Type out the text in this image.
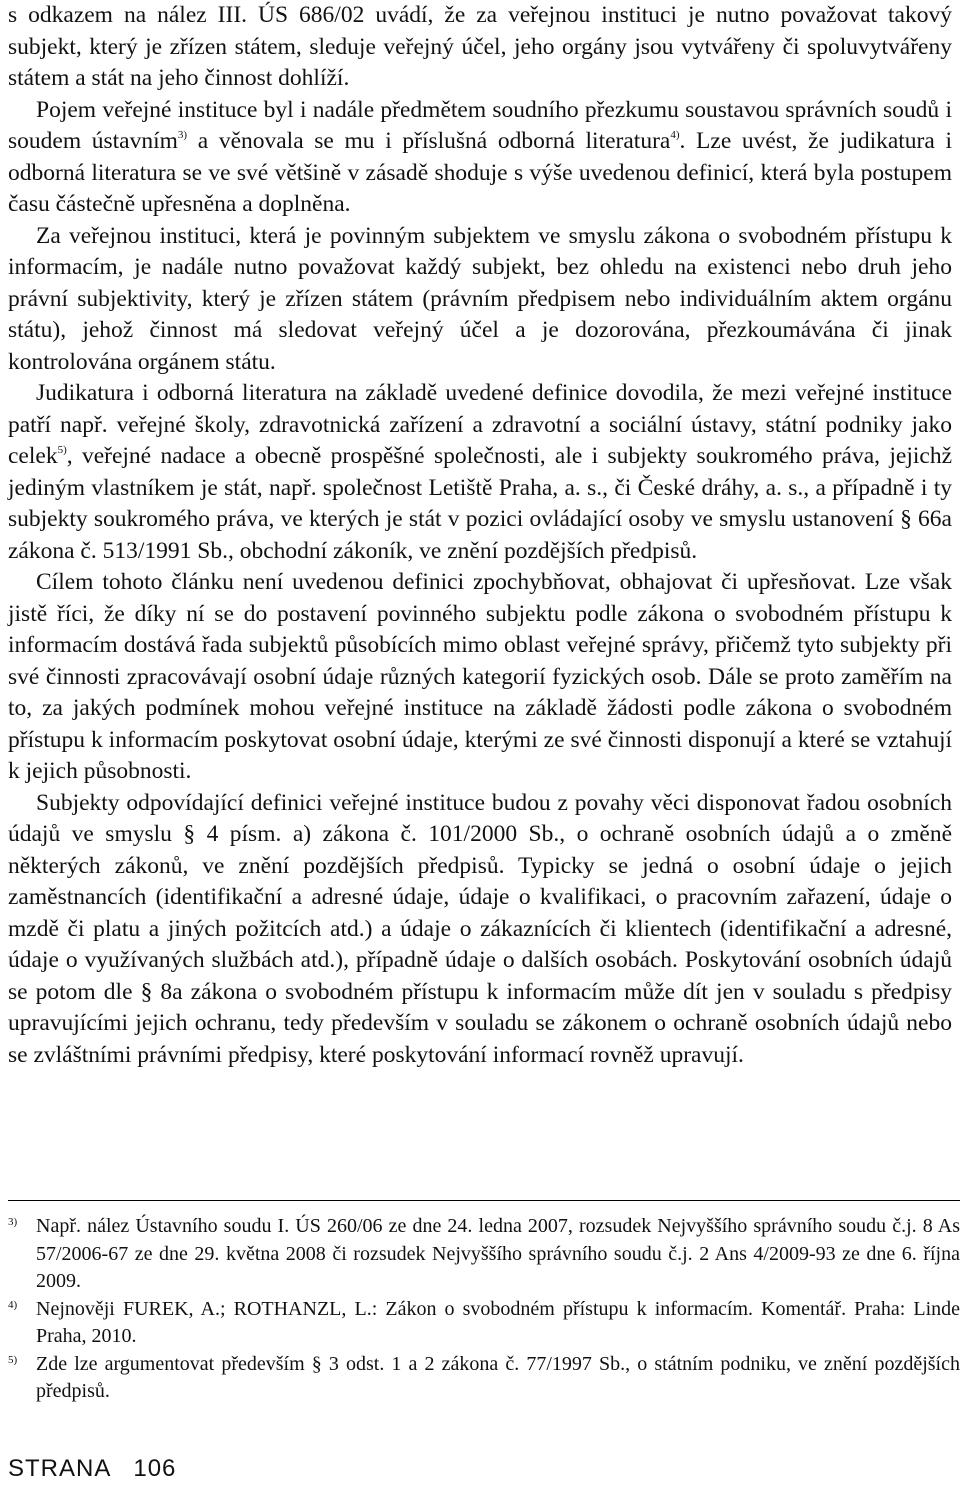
s odkazem na nález III. ÚS 686/02 uvádí, že za veřejnou instituci je nutno považovat takový subjekt, který je zřízen státem, sleduje veřejný účel, jeho orgány jsou vytvářeny či spoluvytvářeny státem a stát na jeho činnost dohlíží.

Pojem veřejné instituce byl i nadále předmětem soudního přezkumu soustavou správních soudů i soudem ústavním$^{3)}$ a věnovala se mu i příslušná odborná literatura$^{4)}$. Lze uvést, že judikatura i odborná literatura se ve své většině v zásadě shoduje s výše uvedenou definicí, která byla postupem času částečně upřesněna a doplněna.

Za veřejnou instituci, která je povinným subjektem ve smyslu zákona o svobodném přístupu k informacím, je nadále nutno považovat každý subjekt, bez ohledu na existenci nebo druh jeho právní subjektivity, který je zřízen státem (právním předpisem nebo individuálním aktem orgánu státu), jehož činnost má sledovat veřejný účel a je dozorována, přezkoumávána či jinak kontrolována orgánem státu.

Judikatura i odborná literatura na základě uvedené definice dovodila, že mezi veřejné instituce patří např. veřejné školy, zdravotnická zařízení a zdravotní a sociální ústavy, státní podniky jako celek$^{5)}$, veřejné nadace a obecně prospěšné společnosti, ale i subjekty soukromého práva, jejichž jediným vlastníkem je stát, např. společnost Letiště Praha, a. s., či České dráhy, a. s., a případně i ty subjekty soukromého práva, ve kterých je stát v pozici ovládající osoby ve smyslu ustanovení § 66a zákona č. 513/1991 Sb., obchodní zákoník, ve znění pozdějších předpisů.

Cílem tohoto článku není uvedenou definici zpochybňovat, obhajovat či upřesňovat. Lze však jistě říci, že díky ní se do postavení povinného subjektu podle zákona o svobodném přístupu k informacím dostává řada subjektů působících mimo oblast veřejné správy, přičemž tyto subjekty při své činnosti zpracovávají osobní údaje různých kategorií fyzických osob. Dále se proto zaměřím na to, za jakých podmínek mohou veřejné instituce na základě žádosti podle zákona o svobodném přístupu k informacím poskytovat osobní údaje, kterými ze své činnosti disponují a které se vztahují k jejich působnosti.

Subjekty odpovídající definici veřejné instituce budou z povahy věci disponovat řadou osobních údajů ve smyslu § 4 písm. a) zákona č. 101/2000 Sb., o ochraně osobních údajů a o změně některých zákonů, ve znění pozdějších předpisů. Typicky se jedná o osobní údaje o jejich zaměstnancích (identifikační a adresné údaje, údaje o kvalifikaci, o pracovním zařazení, údaje o mzdě či platu a jiných požitcích atd.) a údaje o zákaznících či klientech (identifikační a adresné, údaje o využívaných službách atd.), případně údaje o dalších osobách. Poskytování osobních údajů se potom dle § 8a zákona o svobodném přístupu k informacím může dít jen v souladu s předpisy upravujícími jejich ochranu, tedy především v souladu se zákonem o ochraně osobních údajů nebo se zvláštními právními předpisy, které poskytování informací rovněž upravují.

3) Např. nález Ústavního soudu I. ÚS 260/06 ze dne 24. ledna 2007, rozsudek Nejvyššího správního soudu č.j. 8 As 57/2006-67 ze dne 29. května 2008 či rozsudek Nejvyššího správního soudu č.j. 2 Ans 4/2009-93 ze dne 6. října 2009.
4) Nejnověji FUREK, A.; ROTHANZL, L.: Zákon o svobodném přístupu k informacím. Komentář. Praha: Linde Praha, 2010.
5) Zde lze argumentovat především § 3 odst. 1 a 2 zákona č. 77/1997 Sb., o státním podniku, ve znění pozdějších předpisů.
STRANA 106
